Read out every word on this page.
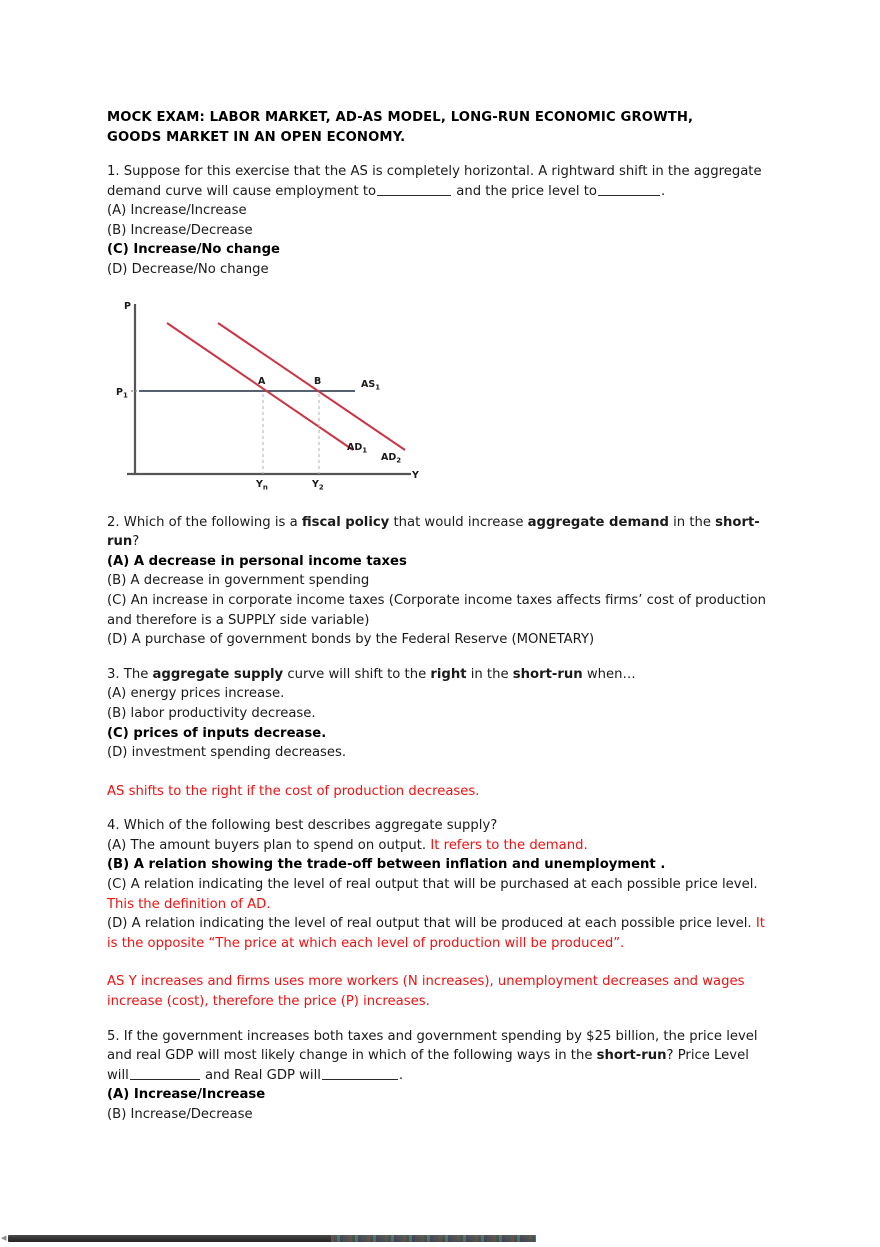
MOCK EXAM: LABOR MARKET, AD-AS MODEL, LONG-RUN ECONOMIC GROWTH,
GOODS MARKET IN AN OPEN ECONOMY.
1. Suppose for this exercise that the AS is completely horizontal. A rightward shift in the aggregate demand curve will cause employment to	and the price level to	.
(A) Increase/Increase
(B) Increase/Decrease
(C) Increase/No change
(D) Decrease/No change
P
Y
$P_1$
$Y_n$	$Y_2$
A	B	$AS_1$
$AD_1$
$AD_2$
2. Which of the following is a fiscal policy that would increase aggregate demand in the short-run?
(A) A decrease in personal income taxes
(B) A decrease in government spending
(C) An increase in corporate income taxes (Corporate income taxes affects firms’ cost of production and therefore is a SUPPLY side variable)
(D) A purchase of government bonds by the Federal Reserve (MONETARY)
3. The aggregate supply curve will shift to the right in the short-run when…
(A) energy prices increase.
(B) labor productivity decrease.
(C) prices of inputs decrease.
(D) investment spending decreases.
AS shifts to the right if the cost of production decreases.
4. Which of the following best describes aggregate supply?
(A) The amount buyers plan to spend on output. It refers to the demand.
(B) A relation showing the trade-off between inflation and unemployment .
(C) A relation indicating the level of real output that will be purchased at each possible price level. This the definition of AD.
(D) A relation indicating the level of real output that will be produced at each possible price level. It is the opposite “The price at which each level of production will be produced”.
AS Y increases and firms uses more workers (N increases), unemployment decreases and wages increase (cost), therefore the price (P) increases.
5. If the government increases both taxes and government spending by $25 billion, the price level and real GDP will most likely change in which of the following ways in the short-run? Price Level will	and Real GDP will	.
(A) Increase/Increase
(B) Increase/Decrease
◀
